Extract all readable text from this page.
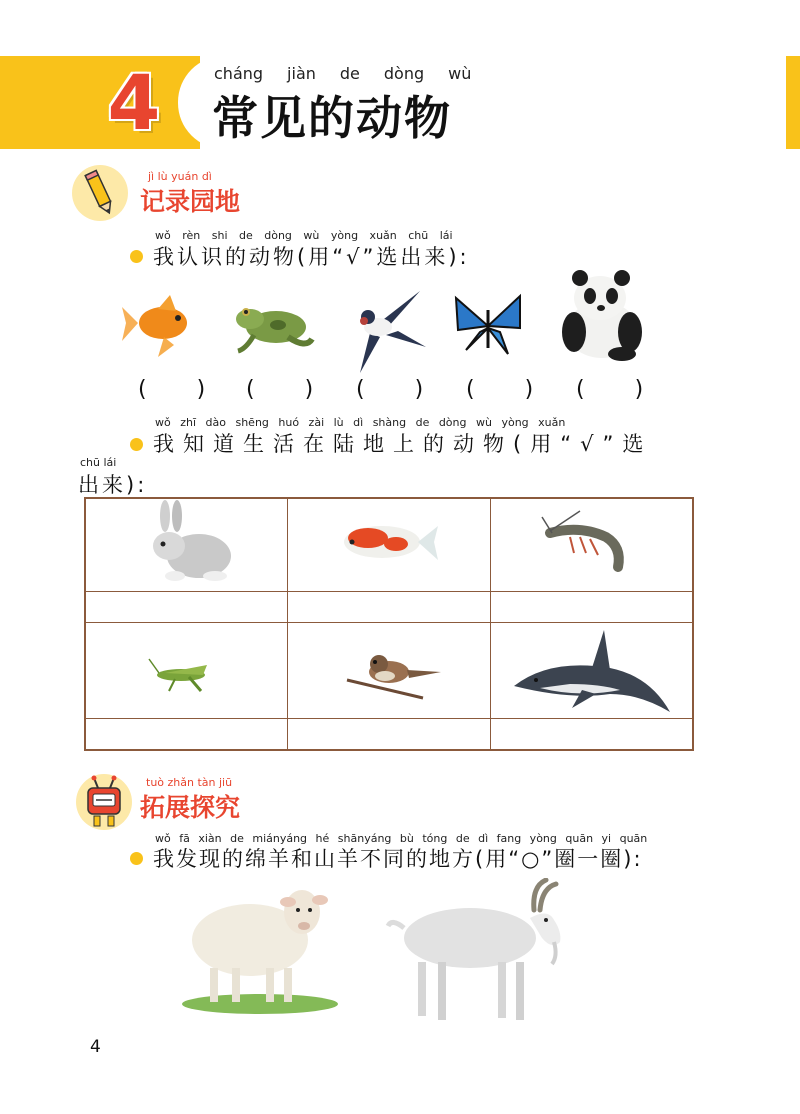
4	cháng jiàn de dòng wù
常见的动物
jì lù yuán dì
记录园地
wǒ rèn shi de dòng wù yòng xuǎn chū lái
我认识的动物(用“√”选出来):
(　　) (　　) (　　) (　　) (　　)
wǒ zhī dào shēng huó zài lù dì shàng de dòng wù yòng xuǎn
我知道生活在陆地上的动物(用“√”选
chū lái
出来):
tuò zhǎn tàn jiū
拓展探究
wǒ fā xiàn de miányáng hé shānyáng bù tóng de dì fang yòng quān yi quān
我发现的绵羊和山羊不同的地方(用“○”圈一圈):
4
